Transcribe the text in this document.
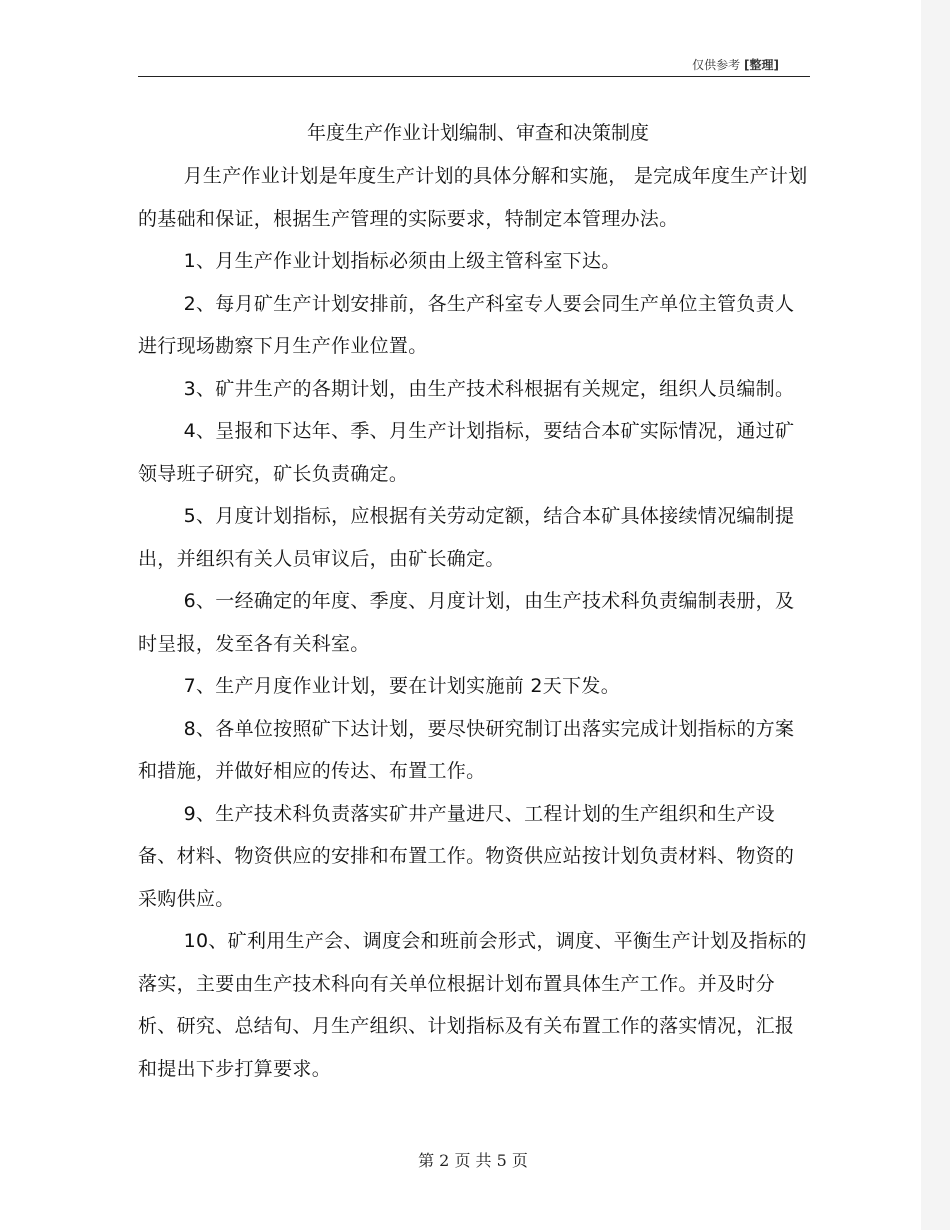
仅供参考 [整理]
年度生产作业计划编制、审查和决策制度

月生产作业计划是年度生产计划的具体分解和实施， 是完成年度生产计划的基础和保证，根据生产管理的实际要求，特制定本管理办法。

1、月生产作业计划指标必须由上级主管科室下达。

2、每月矿生产计划安排前，各生产科室专人要会同生产单位主管负责人进行现场勘察下月生产作业位置。

3、矿井生产的各期计划，由生产技术科根据有关规定，组织人员编制。

4、呈报和下达年、季、月生产计划指标，要结合本矿实际情况，通过矿领导班子研究，矿长负责确定。

5、月度计划指标，应根据有关劳动定额，结合本矿具体接续情况编制提出，并组织有关人员审议后，由矿长确定。

6、一经确定的年度、季度、月度计划，由生产技术科负责编制表册，及时呈报，发至各有关科室。

7、生产月度作业计划，要在计划实施前 2天下发。

8、各单位按照矿下达计划，要尽快研究制订出落实完成计划指标的方案和措施，并做好相应的传达、布置工作。

9、生产技术科负责落实矿井产量进尺、工程计划的生产组织和生产设备、材料、物资供应的安排和布置工作。物资供应站按计划负责材料、物资的采购供应。

10、矿利用生产会、调度会和班前会形式，调度、平衡生产计划及指标的落实，主要由生产技术科向有关单位根据计划布置具体生产工作。并及时分析、研究、总结旬、月生产组织、计划指标及有关布置工作的落实情况，汇报和提出下步打算要求。

第 2 页 共 5 页
